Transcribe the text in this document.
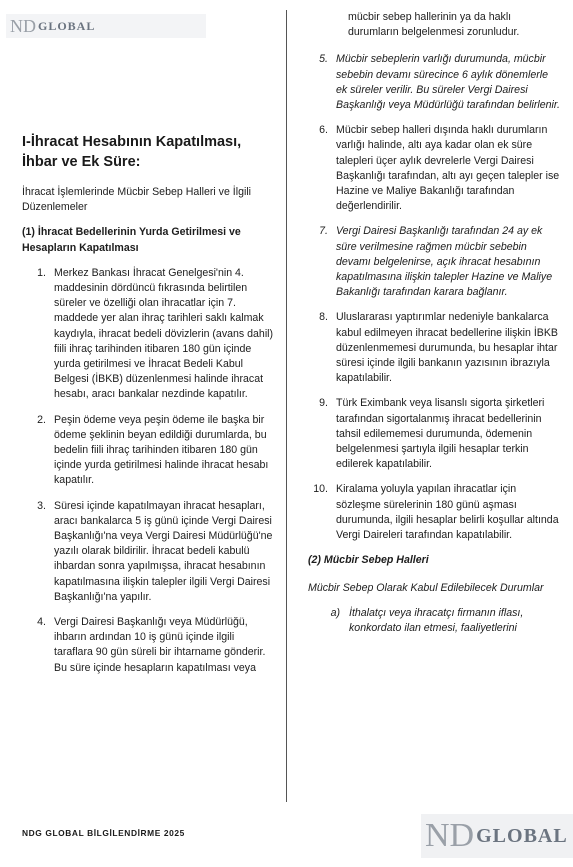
ND GLOBAL
I-İhracat Hesabının Kapatılması, İhbar ve Ek Süre:

İhracat İşlemlerinde Mücbir Sebep Halleri ve İlgili Düzenlemeler

(1) İhracat Bedellerinin Yurda Getirilmesi ve Hesapların Kapatılması

1. Merkez Bankası İhracat Genelgesi'nin 4. maddesinin dördüncü fıkrasında belirtilen süreler ve özelliği olan ihracatlar için 7. maddede yer alan ihraç tarihleri saklı kalmak kaydıyla, ihracat bedeli dövizlerin (avans dahil) fiili ihraç tarihinden itibaren 180 gün içinde yurda getirilmesi ve İhracat Bedeli Kabul Belgesi (İBKB) düzenlenmesi halinde ihracat hesabı, aracı bankalar nezdinde kapatılır.
2. Peşin ödeme veya peşin ödeme ile başka bir ödeme şeklinin beyan edildiği durumlarda, bu bedelin fiili ihraç tarihinden itibaren 180 gün içinde yurda getirilmesi halinde ihracat hesabı kapatılır.
3. Süresi içinde kapatılmayan ihracat hesapları, aracı bankalarca 5 iş günü içinde Vergi Dairesi Başkanlığı'na veya Vergi Dairesi Müdürlüğü'ne yazılı olarak bildirilir. İhracat bedeli kabulü ihbardan sonra yapılmışsa, ihracat hesabının kapatılmasına ilişkin talepler ilgili Vergi Dairesi Başkanlığı'na yapılır.
4. Vergi Dairesi Başkanlığı veya Müdürlüğü, ihbarın ardından 10 iş günü içinde ilgili taraflara 90 gün süreli bir ihtarname gönderir. Bu süre içinde hesapların kapatılması veya

mücbir sebep hallerinin ya da haklı durumların belgelenmesi zorunludur.

5. Mücbir sebeplerin varlığı durumunda, mücbir sebebin devamı sürecince 6 aylık dönemlerle ek süreler verilir. Bu süreler Vergi Dairesi Başkanlığı veya Müdürlüğü tarafından belirlenir.
6. Mücbir sebep halleri dışında haklı durumların varlığı halinde, altı aya kadar olan ek süre talepleri üçer aylık devrelerle Vergi Dairesi Başkanlığı tarafından, altı ayı geçen talepler ise Hazine ve Maliye Bakanlığı tarafından değerlendirilir.
7. Vergi Dairesi Başkanlığı tarafından 24 ay ek süre verilmesine rağmen mücbir sebebin devamı belgelenirse, açık ihracat hesabının kapatılmasına ilişkin talepler Hazine ve Maliye Bakanlığı tarafından karara bağlanır.
8. Uluslararası yaptırımlar nedeniyle bankalarca kabul edilmeyen ihracat bedellerine ilişkin İBKB düzenlenmemesi durumunda, bu hesaplar ihtar süresi içinde ilgili bankanın yazısının ibrazıyla kapatılabilir.
9. Türk Eximbank veya lisanslı sigorta şirketleri tarafından sigortalanmış ihracat bedellerinin tahsil edilememesi durumunda, ödemenin belgelenmesi şartıyla ilgili hesaplar terkin edilerek kapatılabilir.
10. Kiralama yoluyla yapılan ihracatlar için sözleşme sürelerinin 180 günü aşması durumunda, ilgili hesaplar belirli koşullar altında Vergi Daireleri tarafından kapatılabilir.

(2) Mücbir Sebep Halleri

Mücbir Sebep Olarak Kabul Edilebilecek Durumlar

a) İthalatçı veya ihracatçı firmanın iflası, konkordato ilan etmesi, faaliyetlerini
NDG GLOBAL BİLGİLENDİRME 2025	ND GLOBAL
